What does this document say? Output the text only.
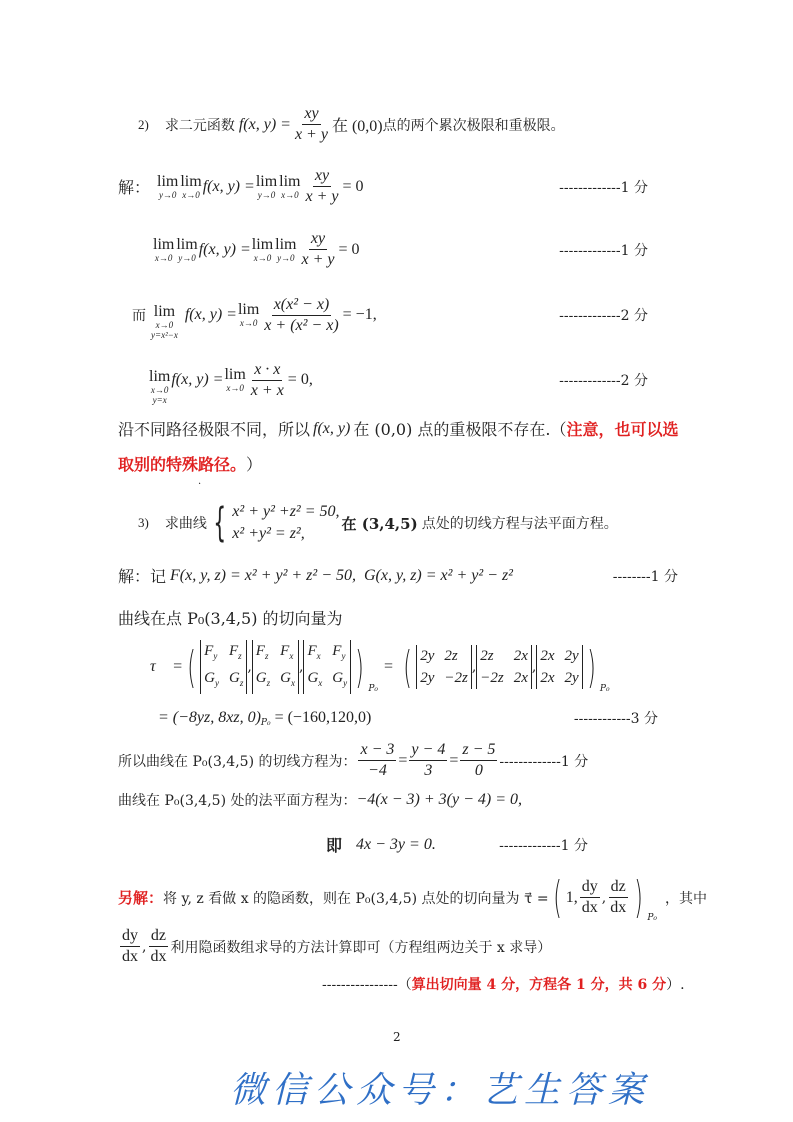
2) 求二元函数 f(x, $y) = \frac{xy}{x + y}$ 在 (0,0) 点的两个累次极限和重极限。
解： lim
y→0
lim
x→0 f(x, y) = lim
y→0
lim
$x\to 0 \frac{xy}{x + y} = 0$	-------------1 分
lim
x→0
lim
y→0 f(x, y) = lim
x→0
lim
$y\to 0 \frac{xy}{x + y} = 0$	-------------1 分
而 lim
x→0
y=x²−x
f(x, y) = lim
$x\to 0 \frac{\text{x(x² − x)}}{\text{x + (x² − x)}} = -1$,	-------------2 分
lim
x→0
y=x
f(x, y) = lim
$x\to 0 \frac{x \cdot x}{x + x} = 0$,	-------------2 分
沿不同路径极限不同，所以 f(x, y) 在 (0,0) 点的重极限不存在.（ 注意，也可以选
取别的特殊路径。 ）
.
3) 求曲线 { x² + y² +z² = 50,
x² +y² = z²,
在 (3,4,5) 点处的切线方程与法平面方程。
解：记 F(x, y, z) = x² + y² + z² − 50, G(x, y, z) = x² + y² − z²	--------1 分
曲线在点 P₀(3,4,5) 的切向量为
τ⃗ = ( $F_y$ $F_z$
$G_y$ $G_z$
,
$F_z$ $F_x$
$G_z$ $G_x$
,
$F_x$ $F_y$
$G_x$ $G_y$ ) P₀
= ( 2y 2z
2y −2z
,
2z	2x
−2z 2x
,
2x 2y
2x 2y ) P₀
= (−8yz, 8xz, 0) P₀ = (−160,120,0)	------------3 分
所以曲线在 P₀(3,4,5) 的切线方程为： $\frac{x - 3}{-4} = \frac{y - 4}{3} = \frac{z - 5}{0} -------------1$ 分
曲线在 P₀(3,4,5) 处的法平面方程为： −4(x − 3) + 3(y − 4) = 0,
即 4x − 3y = 0.	-------------1 分
另解： 将 y, z 看做 x 的隐函数，则在 P₀(3,4,5) 点处的切向量为 τ⃗ = ( 1, $\frac{dy}{dx}$ , $\frac{dz}{dx}$ ) P₀
，其中
$\frac{dy}{dx}$ , $\frac{dz}{dx}$ 利用隐函数组求导的方法计算即可（方程组两边关于 x 求导）
----------------（ 算出切向量 4 分，方程各 1 分，共 6 分 ）.
2
微信公众号：艺生答案
